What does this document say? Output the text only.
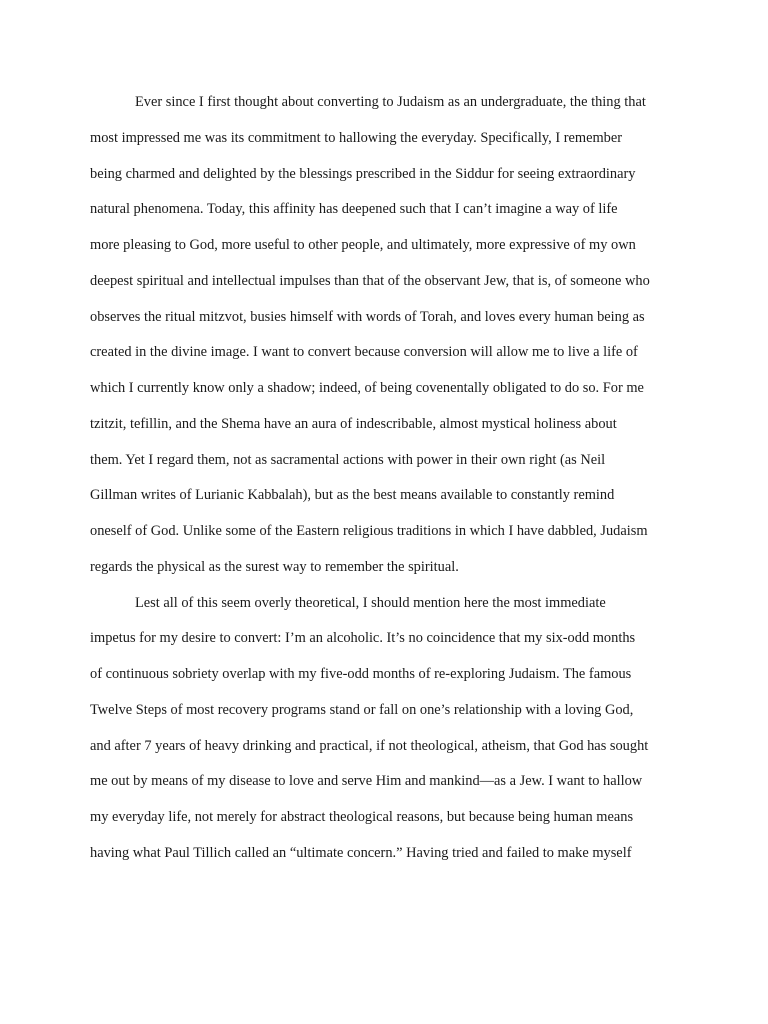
Ever since I first thought about converting to Judaism as an undergraduate, the thing that
most impressed me was its commitment to hallowing the everyday. Specifically, I remember
being charmed and delighted by the blessings prescribed in the Siddur for seeing extraordinary
natural phenomena. Today, this affinity has deepened such that I can’t imagine a way of life
more pleasing to God, more useful to other people, and ultimately, more expressive of my own
deepest spiritual and intellectual impulses than that of the observant Jew, that is, of someone who
observes the ritual mitzvot, busies himself with words of Torah, and loves every human being as
created in the divine image. I want to convert because conversion will allow me to live a life of
which I currently know only a shadow; indeed, of being covenentally obligated to do so. For me
tzitzit, tefillin, and the Shema have an aura of indescribable, almost mystical holiness about
them. Yet I regard them, not as sacramental actions with power in their own right (as Neil
Gillman writes of Lurianic Kabbalah), but as the best means available to constantly remind
oneself of God. Unlike some of the Eastern religious traditions in which I have dabbled, Judaism
regards the physical as the surest way to remember the spiritual.
Lest all of this seem overly theoretical, I should mention here the most immediate
impetus for my desire to convert: I’m an alcoholic. It’s no coincidence that my six-odd months
of continuous sobriety overlap with my five-odd months of re-exploring Judaism. The famous
Twelve Steps of most recovery programs stand or fall on one’s relationship with a loving God,
and after 7 years of heavy drinking and practical, if not theological, atheism, that God has sought
me out by means of my disease to love and serve Him and mankind—as a Jew. I want to hallow
my everyday life, not merely for abstract theological reasons, but because being human means
having what Paul Tillich called an “ultimate concern.” Having tried and failed to make myself
